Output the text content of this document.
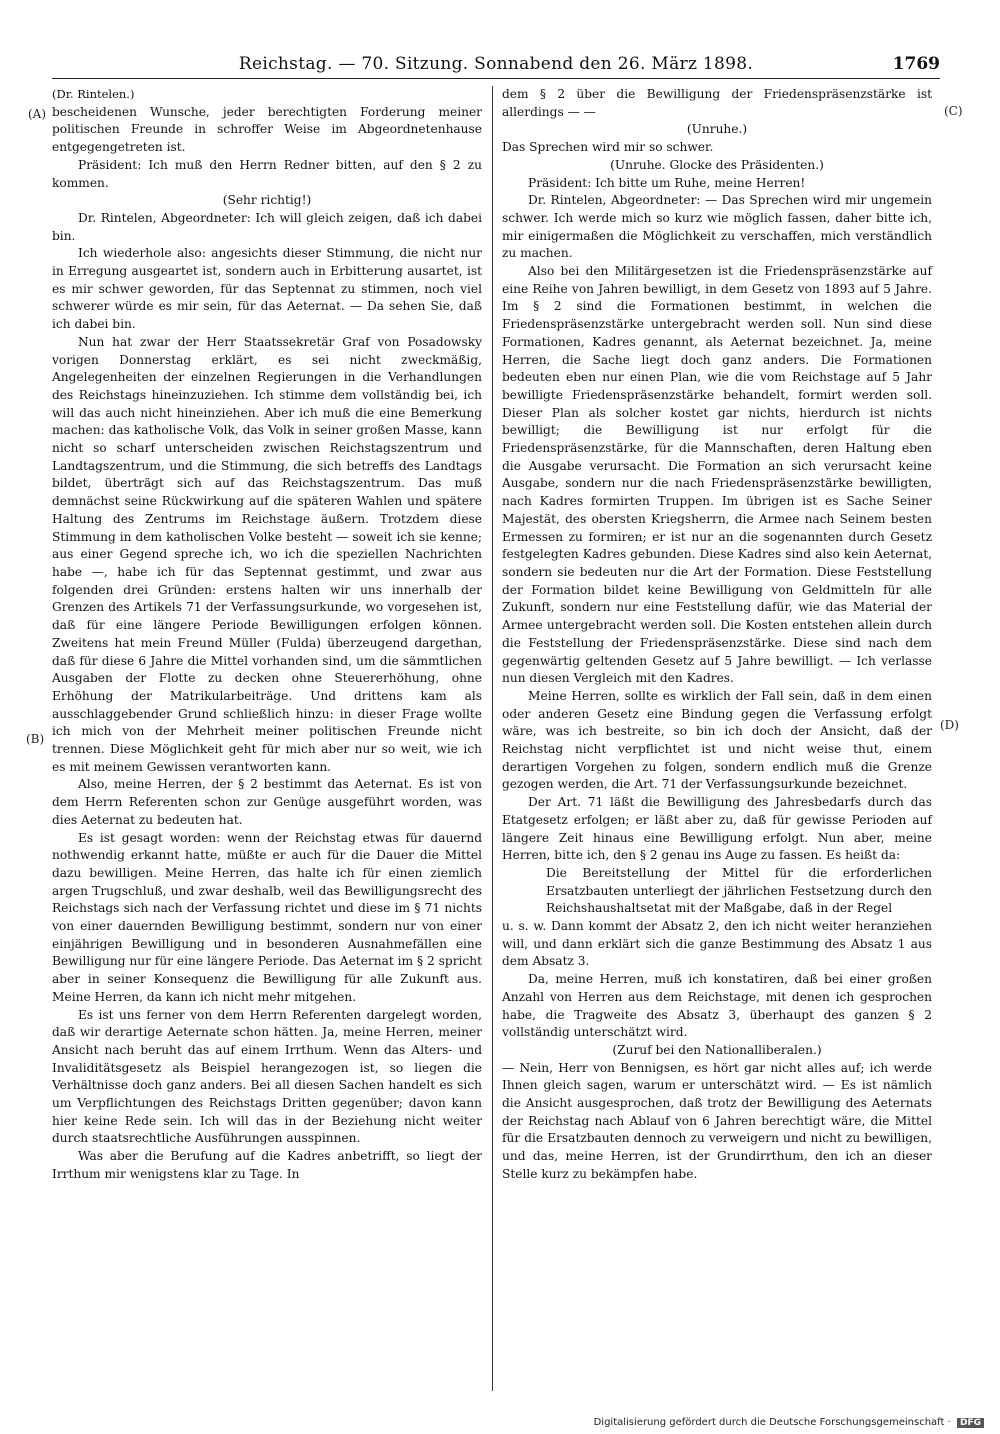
Reichstag. — 70. Sitzung. Sonnabend den 26. März 1898.	1769
(A)
(B)
(C)
(D)

(Dr. Rintelen.)

bescheidenen Wunsche, jeder berechtigten Forderung meiner politischen Freunde in schroffer Weise im Abgeordnetenhause entgegengetreten ist.

Präsident: Ich muß den Herrn Redner bitten, auf den § 2 zu kommen.

(Sehr richtig!)

Dr. Rintelen, Abgeordneter: Ich will gleich zeigen, daß ich dabei bin.

Ich wiederhole also: angesichts dieser Stimmung, die nicht nur in Erregung ausgeartet ist, sondern auch in Erbitterung ausartet, ist es mir schwer geworden, für das Septennat zu stimmen, noch viel schwerer würde es mir sein, für das Aeternat. — Da sehen Sie, daß ich dabei bin.

Nun hat zwar der Herr Staatssekretär Graf von Posadowsky vorigen Donnerstag erklärt, es sei nicht zweckmäßig, Angelegenheiten der einzelnen Regierungen in die Verhandlungen des Reichstags hineinzuziehen. Ich stimme dem vollständig bei, ich will das auch nicht hineinziehen. Aber ich muß die eine Bemerkung machen: das katholische Volk, das Volk in seiner großen Masse, kann nicht so scharf unterscheiden zwischen Reichstagszentrum und Landtagszentrum, und die Stimmung, die sich betreffs des Landtags bildet, überträgt sich auf das Reichstagszentrum. Das muß demnächst seine Rückwirkung auf die späteren Wahlen und spätere Haltung des Zentrums im Reichstage äußern. Trotzdem diese Stimmung in dem katholischen Volke besteht — soweit ich sie kenne; aus einer Gegend spreche ich, wo ich die speziellen Nachrichten habe —, habe ich für das Septennat gestimmt, und zwar aus folgenden drei Gründen: erstens halten wir uns innerhalb der Grenzen des Artikels 71 der Verfassungsurkunde, wo vorgesehen ist, daß für eine längere Periode Bewilligungen erfolgen können. Zweitens hat mein Freund Müller (Fulda) überzeugend dargethan, daß für diese 6 Jahre die Mittel vorhanden sind, um die sämmtlichen Ausgaben der Flotte zu decken ohne Steuererhöhung, ohne Erhöhung der Matrikularbeiträge. Und drittens kam als ausschlaggebender Grund schließlich hinzu: in dieser Frage wollte ich mich von der Mehrheit meiner politischen Freunde nicht trennen. Diese Möglichkeit geht für mich aber nur so weit, wie ich es mit meinem Gewissen verantworten kann.

Also, meine Herren, der § 2 bestimmt das Aeternat. Es ist von dem Herrn Referenten schon zur Genüge ausgeführt worden, was dies Aeternat zu bedeuten hat.

Es ist gesagt worden: wenn der Reichstag etwas für dauernd nothwendig erkannt hatte, müßte er auch für die Dauer die Mittel dazu bewilligen. Meine Herren, das halte ich für einen ziemlich argen Trugschluß, und zwar deshalb, weil das Bewilligungsrecht des Reichstags sich nach der Verfassung richtet und diese im § 71 nichts von einer dauernden Bewilligung bestimmt, sondern nur von einer einjährigen Bewilligung und in besonderen Ausnahmefällen eine Bewilligung nur für eine längere Periode. Das Aeternat im § 2 spricht aber in seiner Konsequenz die Bewilligung für alle Zukunft aus. Meine Herren, da kann ich nicht mehr mitgehen.

Es ist uns ferner von dem Herrn Referenten dargelegt worden, daß wir derartige Aeternate schon hätten. Ja, meine Herren, meiner Ansicht nach beruht das auf einem Irrthum. Wenn das Alters- und Invaliditätsgesetz als Beispiel herangezogen ist, so liegen die Verhältnisse doch ganz anders. Bei all diesen Sachen handelt es sich um Verpflichtungen des Reichstags Dritten gegenüber; davon kann hier keine Rede sein. Ich will das in der Beziehung nicht weiter durch staatsrechtliche Ausführungen ausspinnen.

Was aber die Berufung auf die Kadres anbetrifft, so liegt der Irrthum mir wenigstens klar zu Tage. In

dem § 2 über die Bewilligung der Friedenspräsenzstärke ist allerdings — —

(Unruhe.)

Das Sprechen wird mir so schwer.

(Unruhe. Glocke des Präsidenten.)

Präsident: Ich bitte um Ruhe, meine Herren!

Dr. Rintelen, Abgeordneter: — Das Sprechen wird mir ungemein schwer. Ich werde mich so kurz wie möglich fassen, daher bitte ich, mir einigermaßen die Möglichkeit zu verschaffen, mich verständlich zu machen.

Also bei den Militärgesetzen ist die Friedenspräsenzstärke auf eine Reihe von Jahren bewilligt, in dem Gesetz von 1893 auf 5 Jahre. Im § 2 sind die Formationen bestimmt, in welchen die Friedenspräsenzstärke untergebracht werden soll. Nun sind diese Formationen, Kadres genannt, als Aeternat bezeichnet. Ja, meine Herren, die Sache liegt doch ganz anders. Die Formationen bedeuten eben nur einen Plan, wie die vom Reichstage auf 5 Jahr bewilligte Friedenspräsenzstärke behandelt, formirt werden soll. Dieser Plan als solcher kostet gar nichts, hierdurch ist nichts bewilligt; die Bewilligung ist nur erfolgt für die Friedenspräsenzstärke, für die Mannschaften, deren Haltung eben die Ausgabe verursacht. Die Formation an sich verursacht keine Ausgabe, sondern nur die nach Friedenspräsenzstärke bewilligten, nach Kadres formirten Truppen. Im übrigen ist es Sache Seiner Majestät, des obersten Kriegsherrn, die Armee nach Seinem besten Ermessen zu formiren; er ist nur an die sogenannten durch Gesetz festgelegten Kadres gebunden. Diese Kadres sind also kein Aeternat, sondern sie bedeuten nur die Art der Formation. Diese Feststellung der Formation bildet keine Bewilligung von Geldmitteln für alle Zukunft, sondern nur eine Feststellung dafür, wie das Material der Armee untergebracht werden soll. Die Kosten entstehen allein durch die Feststellung der Friedenspräsenzstärke. Diese sind nach dem gegenwärtig geltenden Gesetz auf 5 Jahre bewilligt. — Ich verlasse nun diesen Vergleich mit den Kadres.

Meine Herren, sollte es wirklich der Fall sein, daß in dem einen oder anderen Gesetz eine Bindung gegen die Verfassung erfolgt wäre, was ich bestreite, so bin ich doch der Ansicht, daß der Reichstag nicht verpflichtet ist und nicht weise thut, einem derartigen Vorgehen zu folgen, sondern endlich muß die Grenze gezogen werden, die Art. 71 der Verfassungsurkunde bezeichnet.

Der Art. 71 läßt die Bewilligung des Jahresbedarfs durch das Etatgesetz erfolgen; er läßt aber zu, daß für gewisse Perioden auf längere Zeit hinaus eine Bewilligung erfolgt. Nun aber, meine Herren, bitte ich, den § 2 genau ins Auge zu fassen. Es heißt da:

Die Bereitstellung der Mittel für die erforderlichen Ersatzbauten unterliegt der jährlichen Festsetzung durch den Reichshaushaltsetat mit der Maßgabe, daß in der Regel

u. s. w. Dann kommt der Absatz 2, den ich nicht weiter heranziehen will, und dann erklärt sich die ganze Bestimmung des Absatz 1 aus dem Absatz 3.

Da, meine Herren, muß ich konstatiren, daß bei einer großen Anzahl von Herren aus dem Reichstage, mit denen ich gesprochen habe, die Tragweite des Absatz 3, überhaupt des ganzen § 2 vollständig unterschätzt wird.

(Zuruf bei den Nationalliberalen.)

— Nein, Herr von Bennigsen, es hört gar nicht alles auf; ich werde Ihnen gleich sagen, warum er unterschätzt wird. — Es ist nämlich die Ansicht ausgesprochen, daß trotz der Bewilligung des Aeternats der Reichstag nach Ablauf von 6 Jahren berechtigt wäre, die Mittel für die Ersatzbauten dennoch zu verweigern und nicht zu bewilligen, und das, meine Herren, ist der Grundirrthum, den ich an dieser Stelle kurz zu bekämpfen habe.

Digitalisierung gefördert durch die Deutsche Forschungsgemeinschaft · DFG
